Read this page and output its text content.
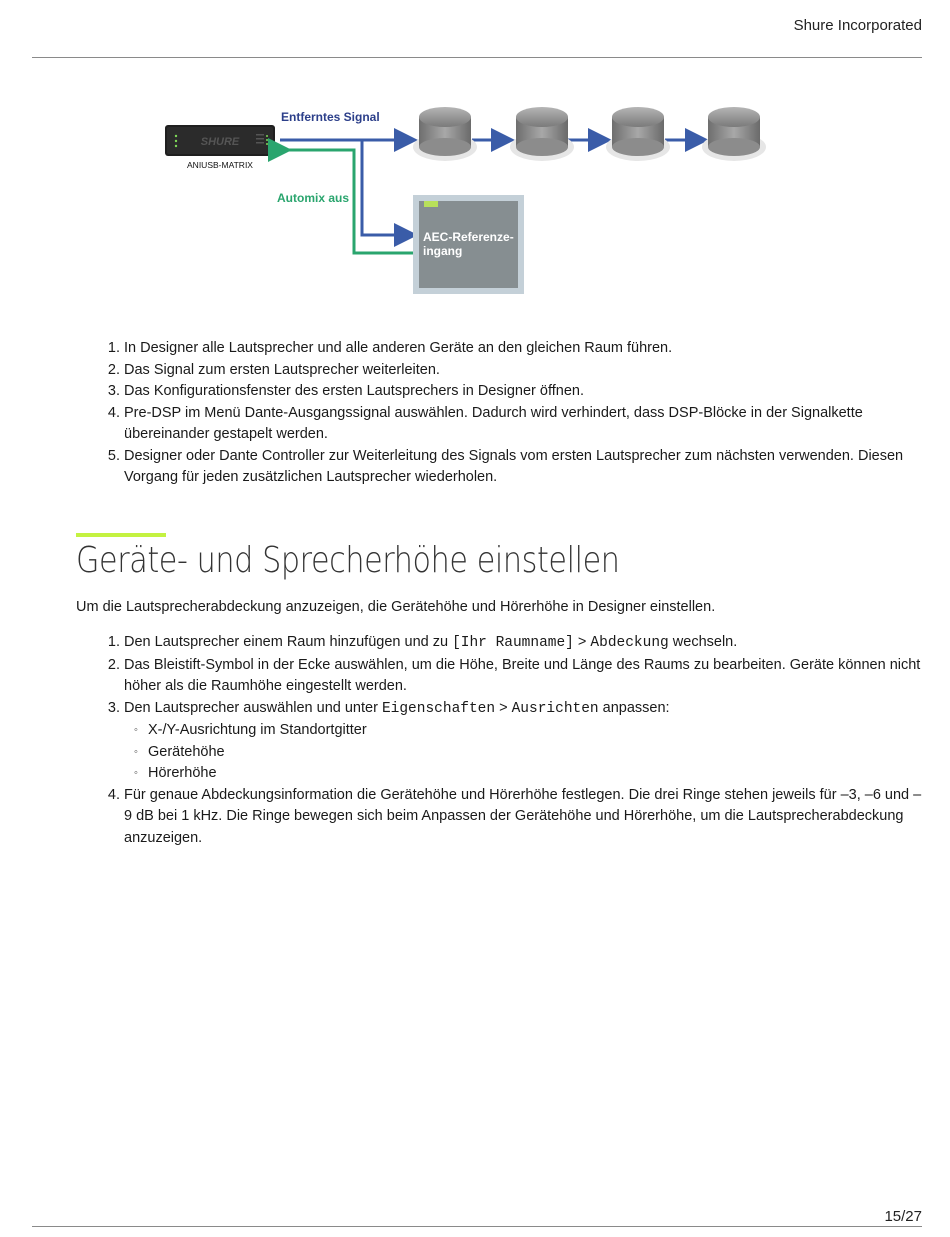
Shure Incorporated
SHURE
ANIUSB-MATRIX
Entferntes Signal
Automix aus
AEC-Referenze-
ingang
1. In Designer alle Lautsprecher und alle anderen Geräte an den gleichen Raum führen.
2. Das Signal zum ersten Lautsprecher weiterleiten.
3. Das Konfigurationsfenster des ersten Lautsprechers in Designer öffnen.
4. Pre-DSP im Menü Dante-Ausgangssignal auswählen. Dadurch wird verhindert, dass DSP-Blöcke in der Signalkette übereinander gestapelt werden.
5. Designer oder Dante Controller zur Weiterleitung des Signals vom ersten Lautsprecher zum nächsten verwenden. Diesen Vorgang für jeden zusätzlichen Lautsprecher wiederholen.
Geräte- und Sprecherhöhe einstellen
Um die Lautsprecherabdeckung anzuzeigen, die Gerätehöhe und Hörerhöhe in Designer einstellen.
1. Den Lautsprecher einem Raum hinzufügen und zu [Ihr Raumname] > Abdeckung wechseln.
2. Das Bleistift-Symbol in der Ecke auswählen, um die Höhe, Breite und Länge des Raums zu bearbeiten. Geräte können nicht höher als die Raumhöhe eingestellt werden.
3. Den Lautsprecher auswählen und unter Eigenschaften > Ausrichten anpassen:
◦ X-/Y-Ausrichtung im Standortgitter
◦ Gerätehöhe
◦ Hörerhöhe
4. Für genaue Abdeckungsinformation die Gerätehöhe und Hörerhöhe festlegen. Die drei Ringe stehen jeweils für –3, –6 und –9 dB bei 1 kHz. Die Ringe bewegen sich beim Anpassen der Gerätehöhe und Hörerhöhe, um die Lautsprecherabdeckung anzuzeigen.
15/27
